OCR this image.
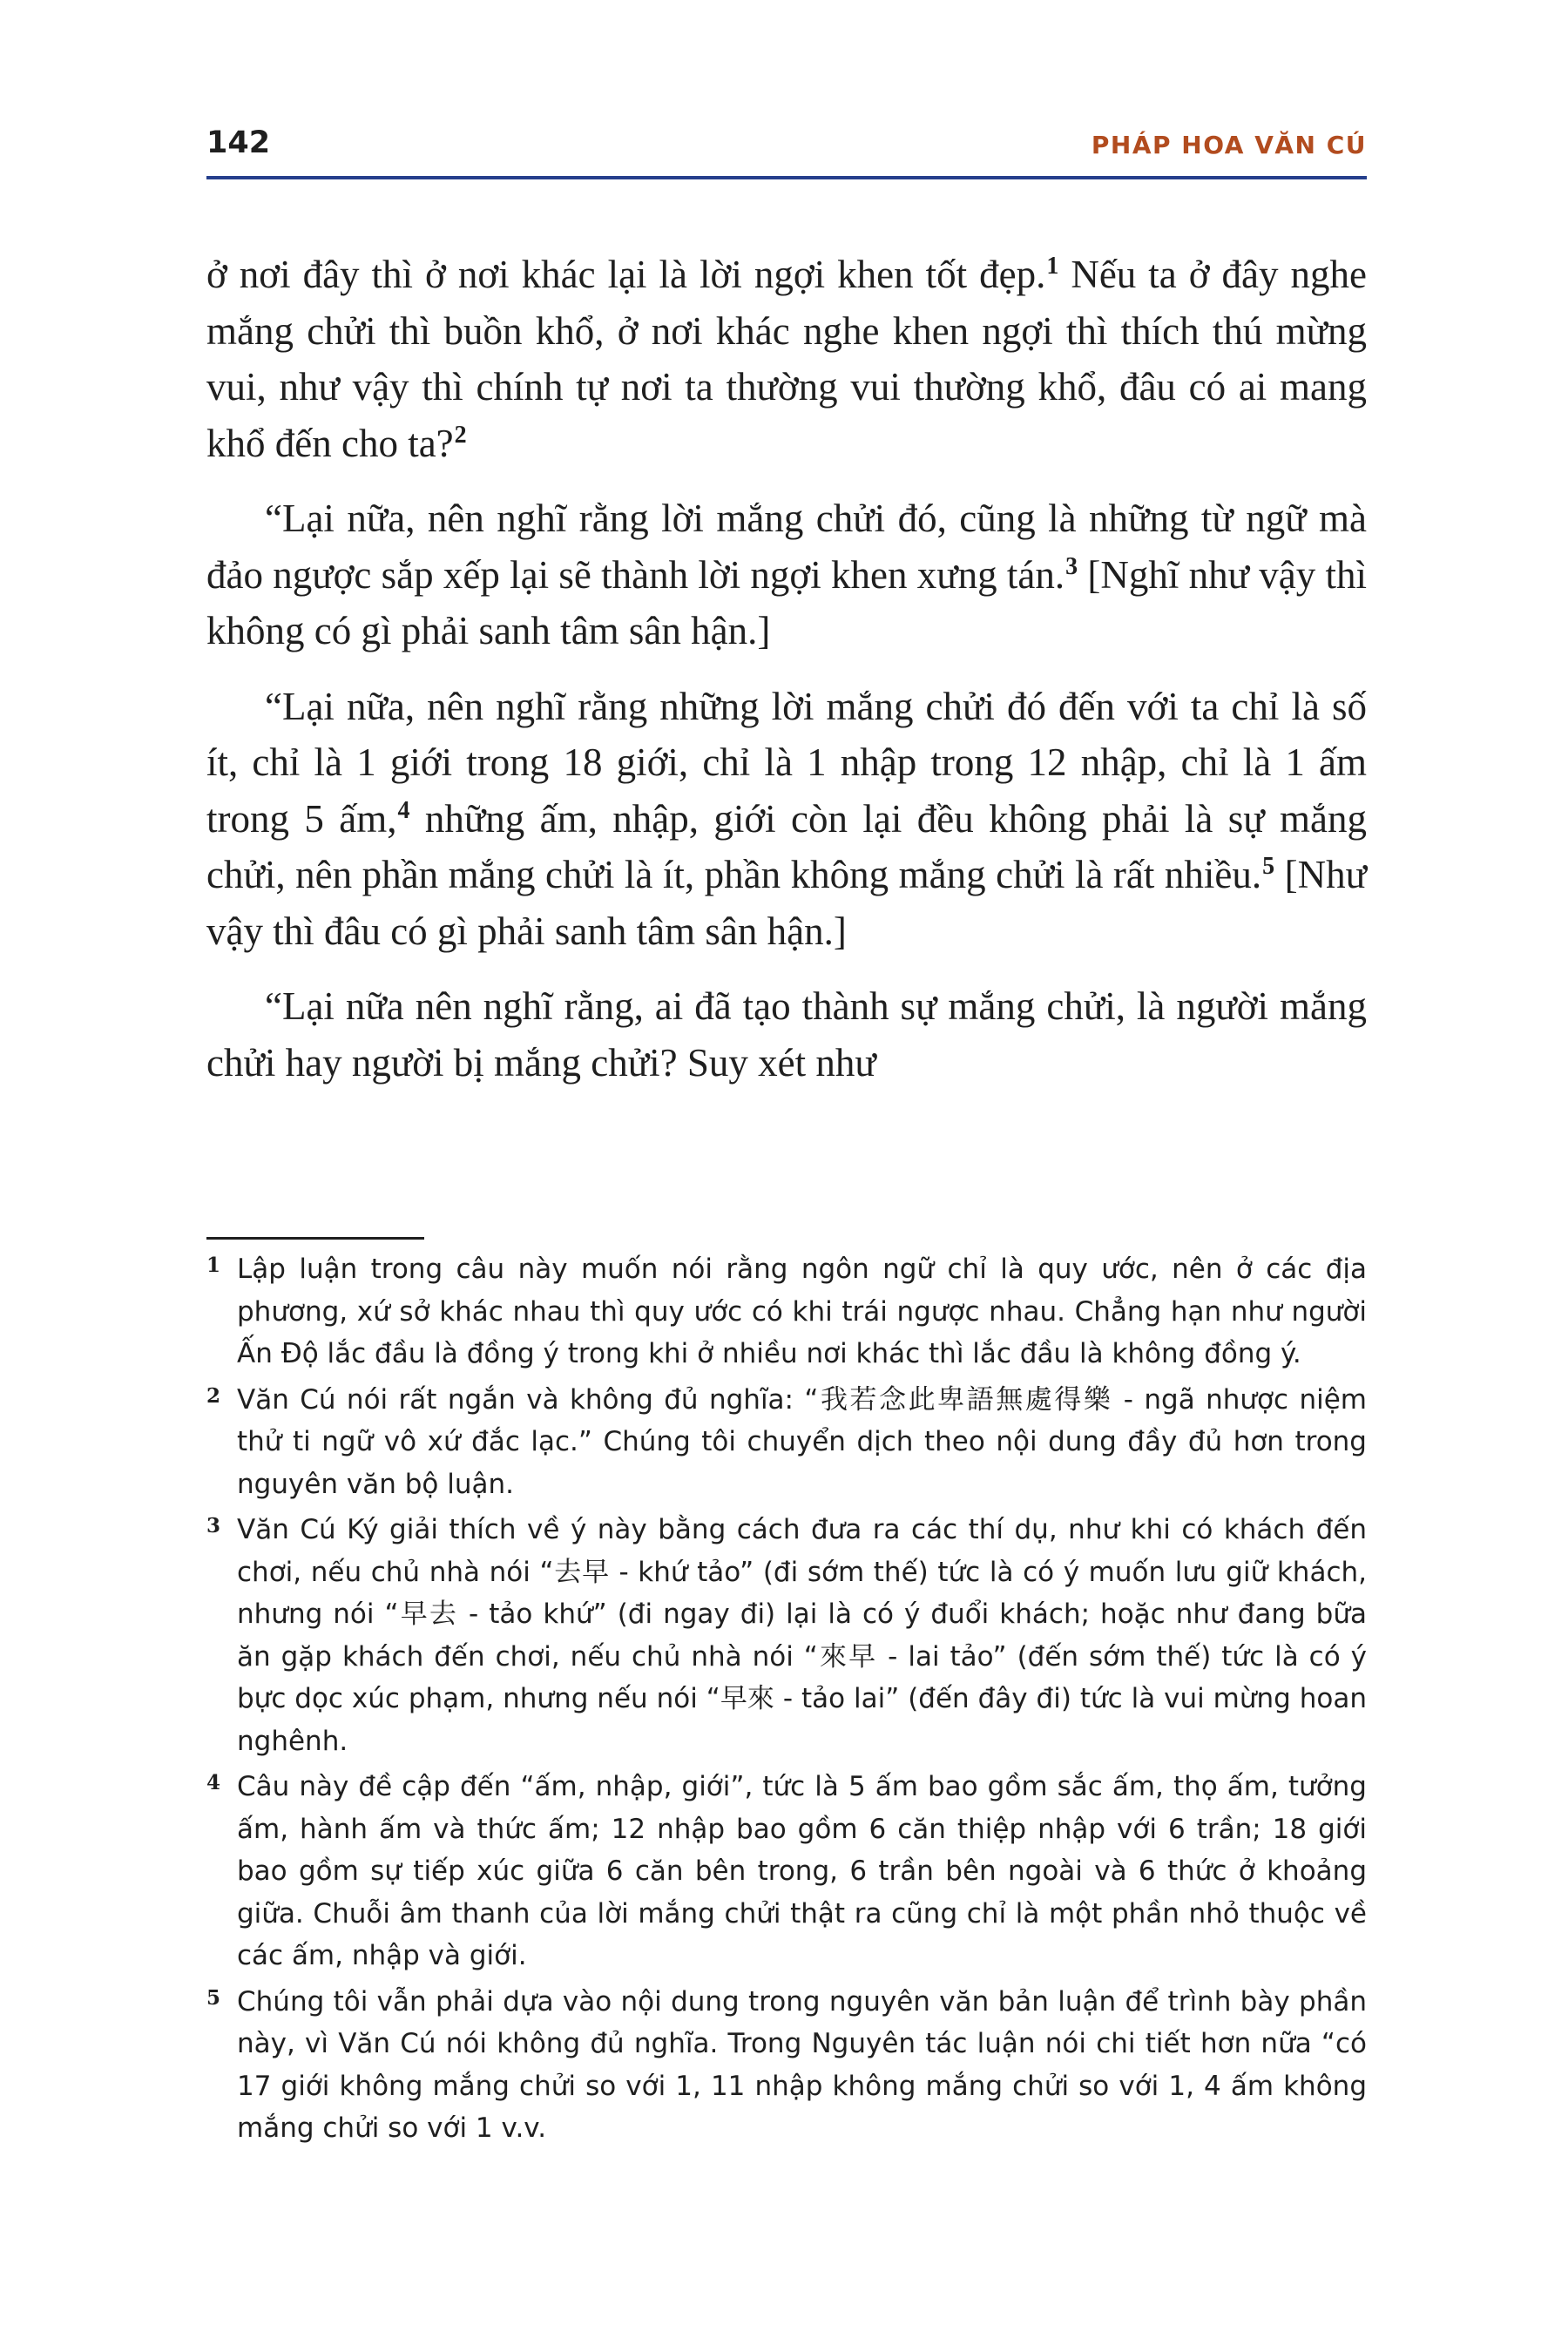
142	PHÁP HOA VĂN CÚ

ở nơi đây thì ở nơi khác lại là lời ngợi khen tốt đẹp.$^1$ Nếu ta ở đây nghe mắng chửi thì buồn khổ, ở nơi khác nghe khen ngợi thì thích thú mừng vui, như vậy thì chính tự nơi ta thường vui thường khổ, đâu có ai mang khổ đến cho ta?$^2$

“Lại nữa, nên nghĩ rằng lời mắng chửi đó, cũng là những từ ngữ mà đảo ngược sắp xếp lại sẽ thành lời ngợi khen xưng tán.$^3$ [Nghĩ như vậy thì không có gì phải sanh tâm sân hận.]

“Lại nữa, nên nghĩ rằng những lời mắng chửi đó đến với ta chỉ là số ít, chỉ là 1 giới trong 18 giới, chỉ là 1 nhập trong 12 nhập, chỉ là 1 ấm trong 5 ấm,$^4$ những ấm, nhập, giới còn lại đều không phải là sự mắng chửi, nên phần mắng chửi là ít, phần không mắng chửi là rất nhiều.$^5$ [Như vậy thì đâu có gì phải sanh tâm sân hận.]

“Lại nữa nên nghĩ rằng, ai đã tạo thành sự mắng chửi, là người mắng chửi hay người bị mắng chửi? Suy xét như

1 Lập luận trong câu này muốn nói rằng ngôn ngữ chỉ là quy ước, nên ở các địa phương, xứ sở khác nhau thì quy ước có khi trái ngược nhau. Chẳng hạn như người Ấn Độ lắc đầu là đồng ý trong khi ở nhiều nơi khác thì lắc đầu là không đồng ý.
2 Văn Cú nói rất ngắn và không đủ nghĩa: “我若念此卑語無處得樂 - ngã nhược niệm thử ti ngữ vô xứ đắc lạc.” Chúng tôi chuyển dịch theo nội dung đầy đủ hơn trong nguyên văn bộ luận.
3 Văn Cú Ký giải thích về ý này bằng cách đưa ra các thí dụ, như khi có khách đến chơi, nếu chủ nhà nói “去早 - khứ tảo” (đi sớm thế) tức là có ý muốn lưu giữ khách, nhưng nói “早去 - tảo khứ” (đi ngay đi) lại là có ý đuổi khách; hoặc như đang bữa ăn gặp khách đến chơi, nếu chủ nhà nói “來早 - lai tảo” (đến sớm thế) tức là có ý bực dọc xúc phạm, nhưng nếu nói “早來 - tảo lai” (đến đây đi) tức là vui mừng hoan nghênh.
4 Câu này đề cập đến “ấm, nhập, giới”, tức là 5 ấm bao gồm sắc ấm, thọ ấm, tưởng ấm, hành ấm và thức ấm; 12 nhập bao gồm 6 căn thiệp nhập với 6 trần; 18 giới bao gồm sự tiếp xúc giữa 6 căn bên trong, 6 trần bên ngoài và 6 thức ở khoảng giữa. Chuỗi âm thanh của lời mắng chửi thật ra cũng chỉ là một phần nhỏ thuộc về các ấm, nhập và giới.
5 Chúng tôi vẫn phải dựa vào nội dung trong nguyên văn bản luận để trình bày phần này, vì Văn Cú nói không đủ nghĩa. Trong Nguyên tác luận nói chi tiết hơn nữa “có 17 giới không mắng chửi so với 1, 11 nhập không mắng chửi so với 1, 4 ấm không mắng chửi so với 1 v.v.
